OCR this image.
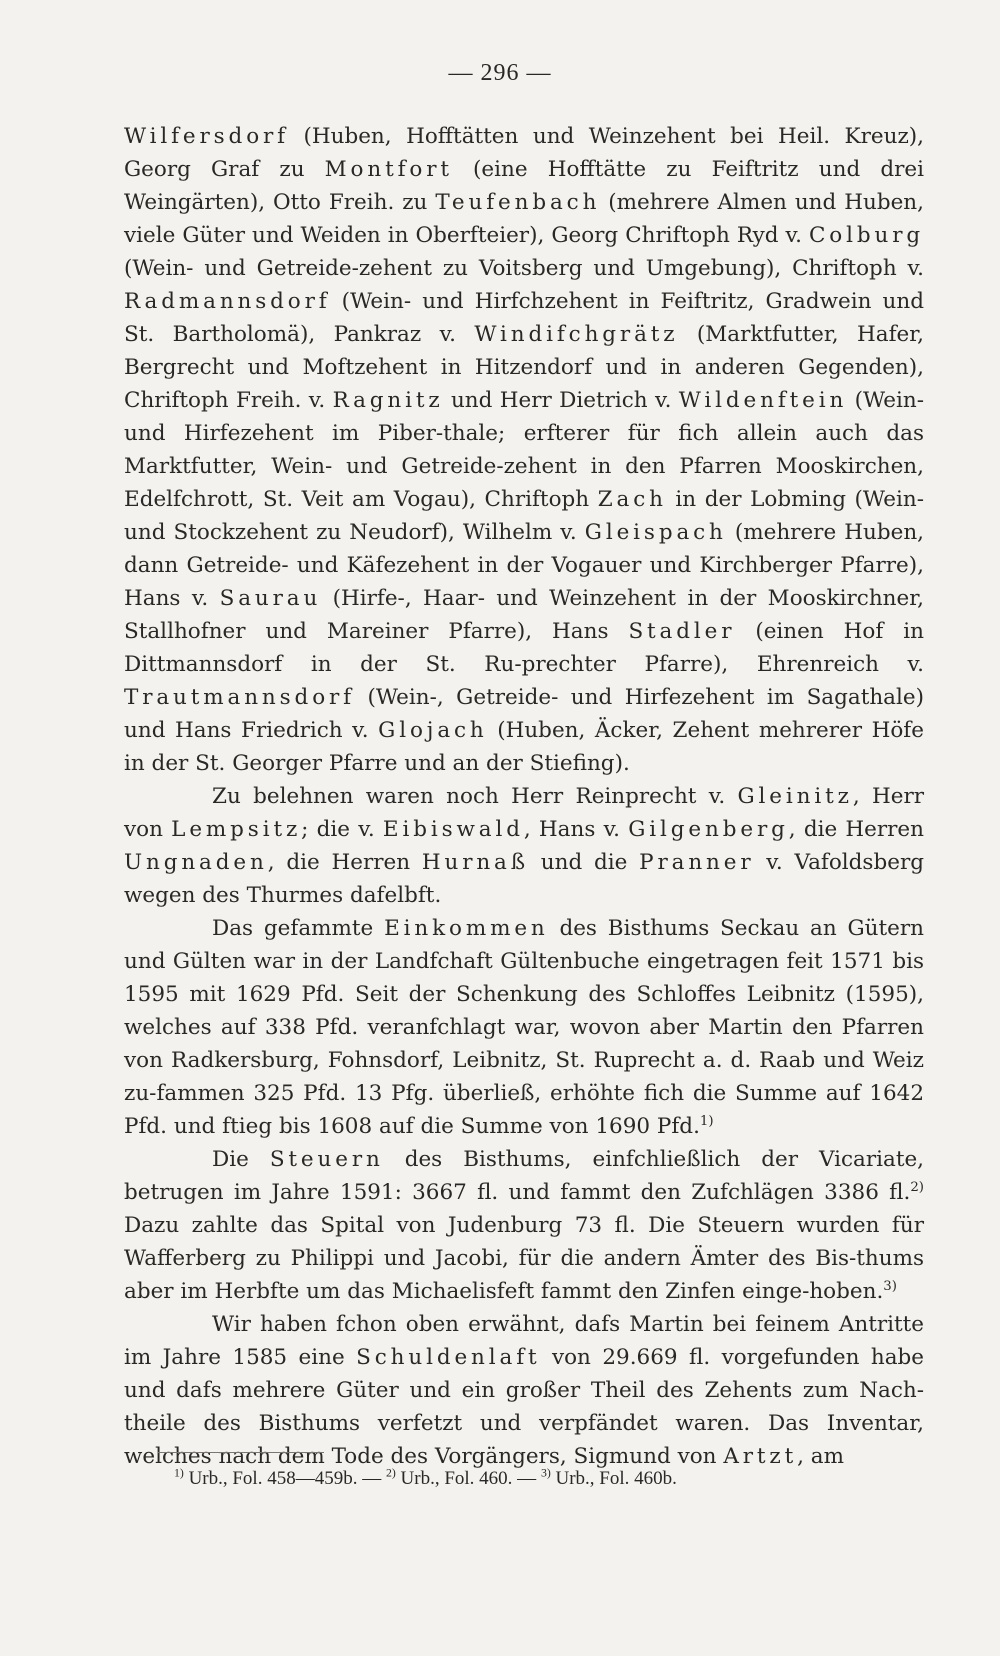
— 296 —

Wilfersdorf (Huben, Hofftätten und Weinzehent bei Heil. Kreuz), Georg Graf zu Montfort (eine Hofftätte zu Feiftritz und drei Weingärten), Otto Freih. zu Teufenbach (mehrere Almen und Huben, viele Güter und Weiden in Oberfteier), Georg Chriftoph Ryd v. Colburg (Wein- und Getreide-zehent zu Voitsberg und Umgebung), Chriftoph v. Radmannsdorf (Wein- und Hirfchzehent in Feiftritz, Gradwein und St. Bartholomä), Pankraz v. Windifchgrätz (Marktfutter, Hafer, Bergrecht und Moftzehent in Hitzendorf und in anderen Gegenden), Chriftoph Freih. v. Ragnitz und Herr Dietrich v. Wildenftein (Wein- und Hirfezehent im Piber-thale; erfterer für fich allein auch das Marktfutter, Wein- und Getreide-zehent in den Pfarren Mooskirchen, Edelfchrott, St. Veit am Vogau), Chriftoph Zach in der Lobming (Wein- und Stockzehent zu Neudorf), Wilhelm v. Gleispach (mehrere Huben, dann Getreide- und Käfezehent in der Vogauer und Kirchberger Pfarre), Hans v. Saurau (Hirfe-, Haar- und Weinzehent in der Mooskirchner, Stallhofner und Mareiner Pfarre), Hans Stadler (einen Hof in Dittmannsdorf in der St. Ru-prechter Pfarre), Ehrenreich v. Trautmannsdorf (Wein-, Getreide- und Hirfezehent im Sagathale) und Hans Friedrich v. Glojach (Huben, Äcker, Zehent mehrerer Höfe in der St. Georger Pfarre und an der Stiefing).

Zu belehnen waren noch Herr Reinprecht v. Gleinitz, Herr von Lempsitz; die v. Eibiswald, Hans v. Gilgenberg, die Herren Ungnaden, die Herren Hurnaß und die Pranner v. Vafoldsberg wegen des Thurmes dafelbft.

Das gefammte Einkommen des Bisthums Seckau an Gütern und Gülten war in der Landfchaft Gültenbuche eingetragen feit 1571 bis 1595 mit 1629 Pfd. Seit der Schenkung des Schloffes Leibnitz (1595), welches auf 338 Pfd. veranfchlagt war, wovon aber Martin den Pfarren von Radkersburg, Fohnsdorf, Leibnitz, St. Ruprecht a. d. Raab und Weiz zu-fammen 325 Pfd. 13 Pfg. überließ, erhöhte fich die Summe auf 1642 Pfd. und ftieg bis 1608 auf die Summe von 1690 Pfd.$^{1)}$

Die Steuern des Bisthums, einfchließlich der Vicariate, betrugen im Jahre 1591: 3667 fl. und fammt den Zufchlägen 3386 fl.$^{2)}$ Dazu zahlte das Spital von Judenburg 73 fl. Die Steuern wurden für Wafferberg zu Philippi und Jacobi, für die andern Ämter des Bis-thums aber im Herbfte um das Michaelisfeft fammt den Zinfen einge-hoben.$^{3)}$

Wir haben fchon oben erwähnt, dafs Martin bei feinem Antritte im Jahre 1585 eine Schuldenlaft von 29.669 fl. vorgefunden habe und dafs mehrere Güter und ein großer Theil des Zehents zum Nach-theile des Bisthums verfetzt und verpfändet waren. Das Inventar, welches nach dem Tode des Vorgängers, Sigmund von Artzt, am

$^{1)}$ Urb., Fol. 458—459b. — $^{2)}$ Urb., Fol. 460. — $^{3)}$ Urb., Fol. 460b.
